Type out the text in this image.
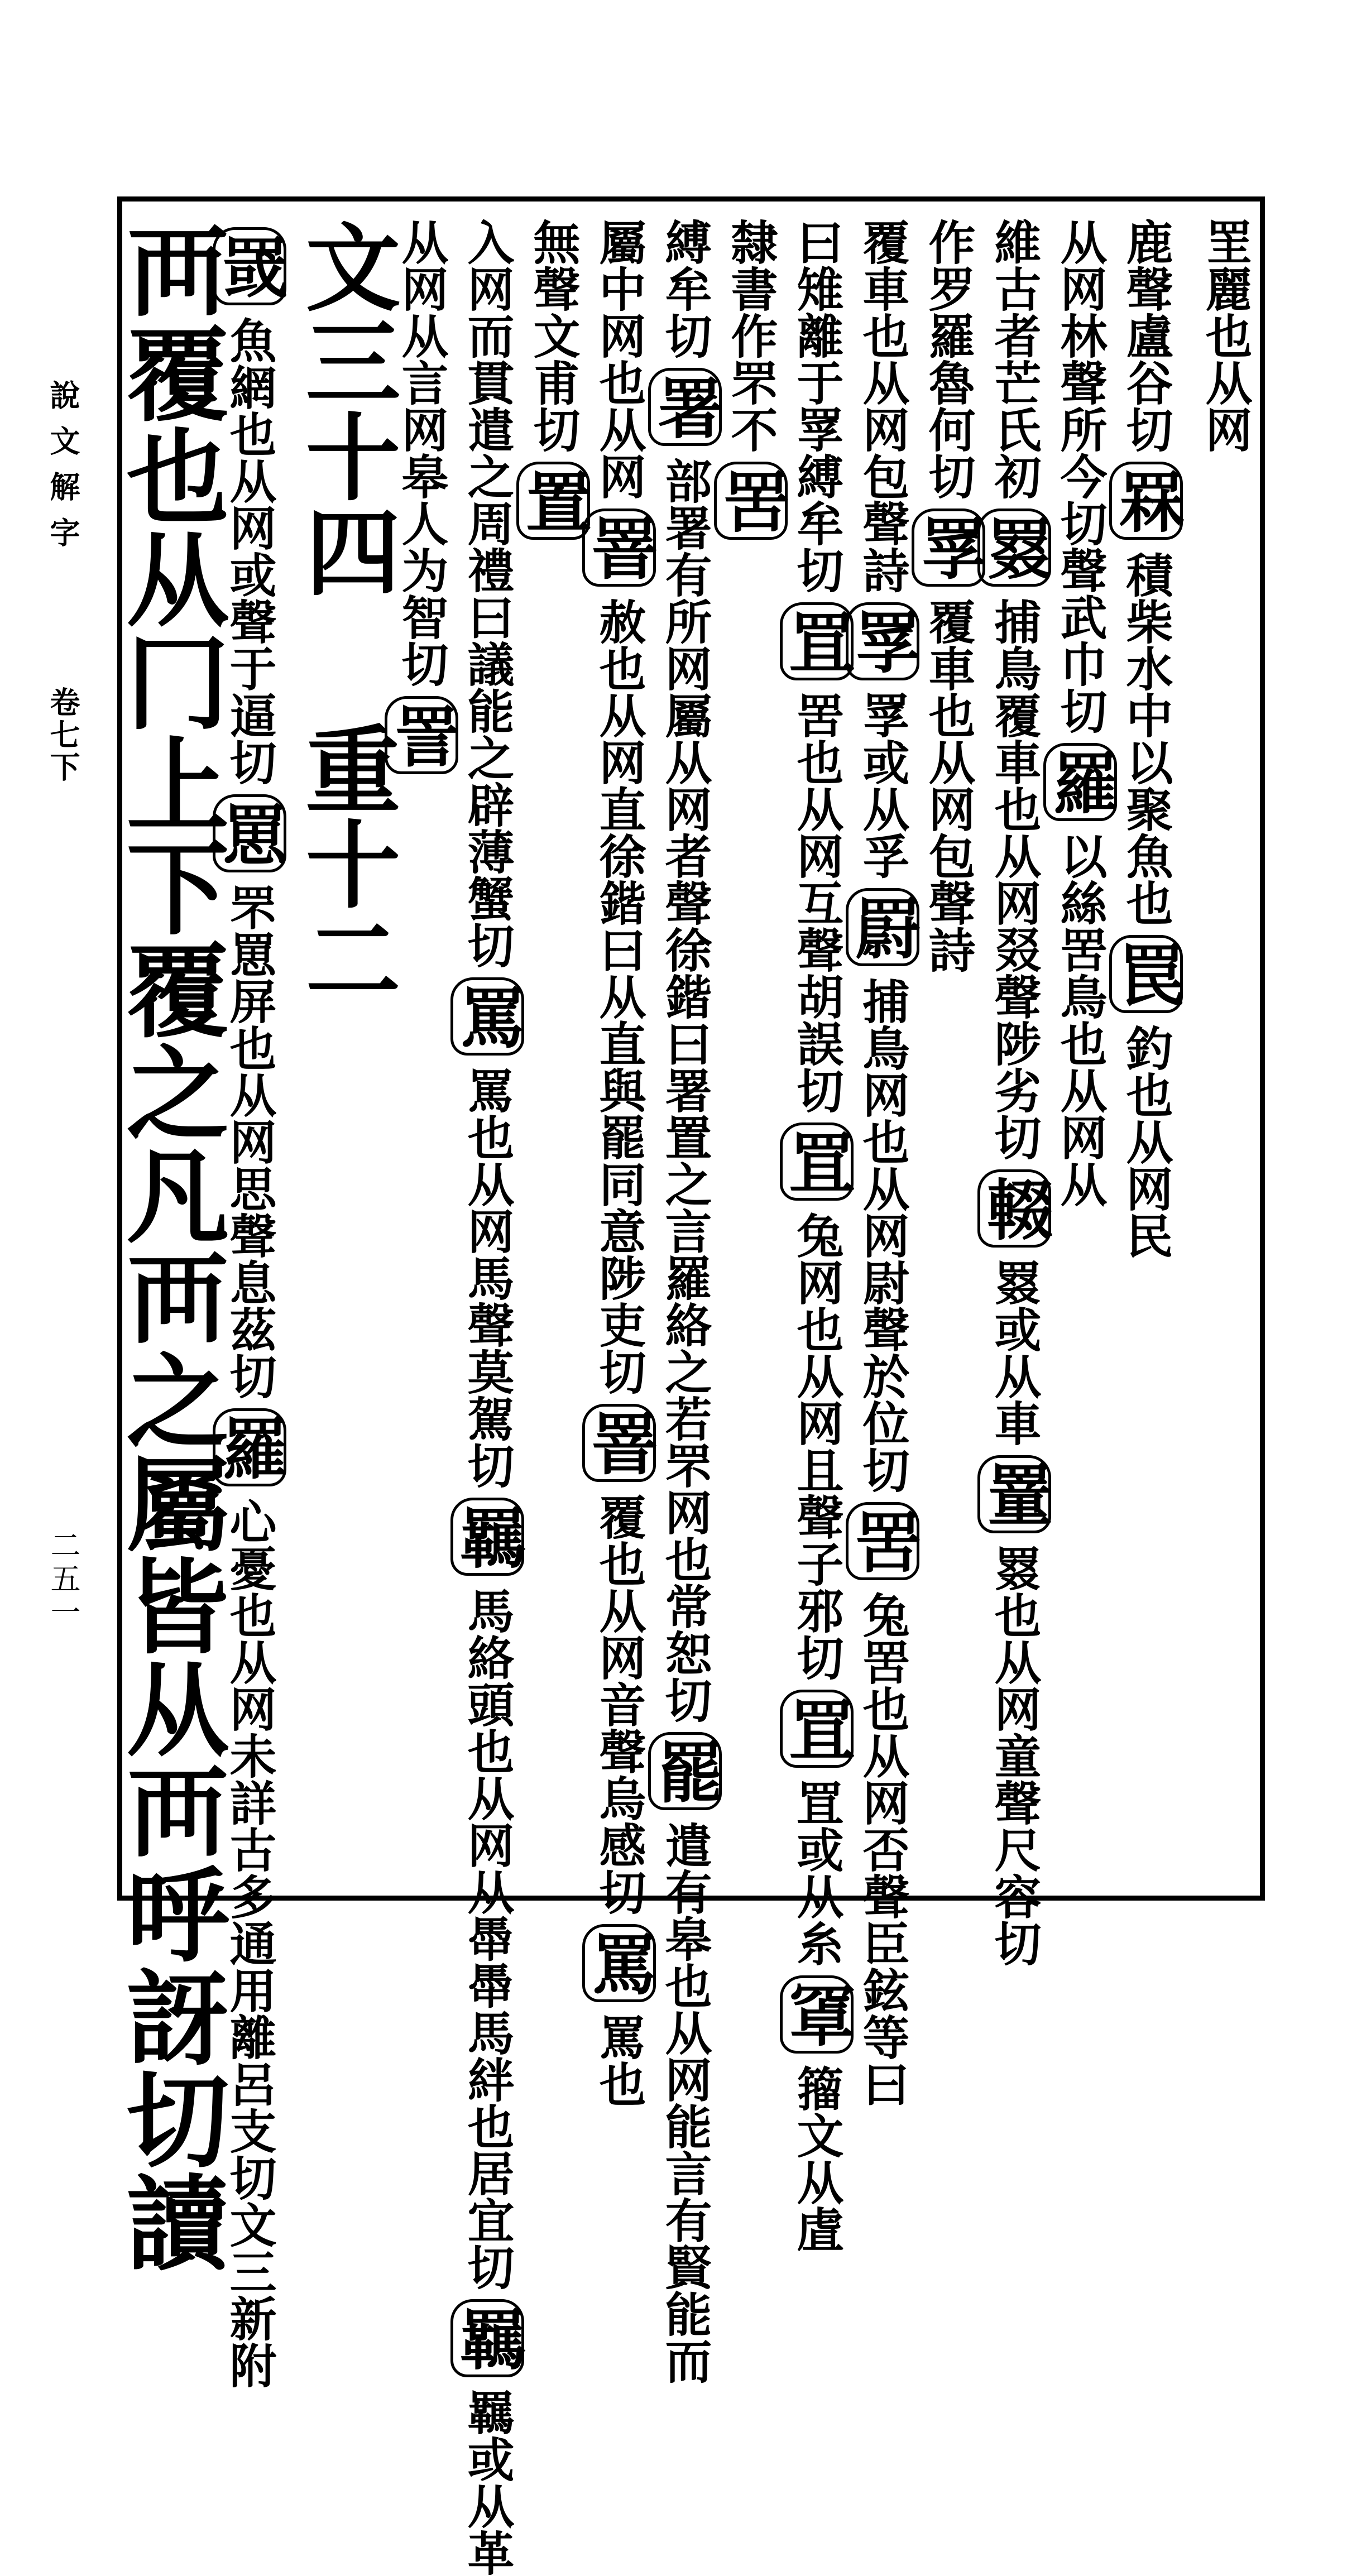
說文解字
卷七下
二五一
罜麗也从网
鹿聲盧谷切罧積柴水中以聚魚也罠釣也从网民
从网林聲所今切聲武巾切羅以絲罟鳥也从网从
維古者芒氏初罬捕鳥覆車也从网叕聲陟劣切輟罬或从車罿罬也从网童聲尺容切
作罗羅魯何切罦覆車也从网包聲詩
覆車也从网包聲詩罦罦或从孚罻捕鳥网也从网尉聲於位切罟兔罟也从网否聲臣鉉等曰
曰雉離于罦縛牟切罝罟也从网互聲胡誤切罝兔网也从网且聲子邪切罝罝或从糸𦋐籀文从虘
隸書作罘不罟
縛牟切署部署有所网屬从网者聲徐鍇曰署置之言羅絡之若罘网也常恕切罷遣有皋也从网能言有賢能而
屬中网也从网罯赦也从网直徐鍇曰从直與罷同意陟吏切罯覆也从网音聲烏感切罵罵也
無聲文甫切置
入网而貫遣之周禮曰議能之辟薄蟹切罵罵也从网馬聲莫駕切羈馬絡頭也从网从馽馽馬絆也居宜切羈羈或从革
从网从言网皋人为智切詈
文三十四重十二
罭魚網也从网或聲于逼切罳罘罳屏也从网思聲息茲切羅心憂也从网未詳古多通用離呂支切文三新附
襾覆也从冂上下覆之凡襾之屬皆从襾呼訝切讀
